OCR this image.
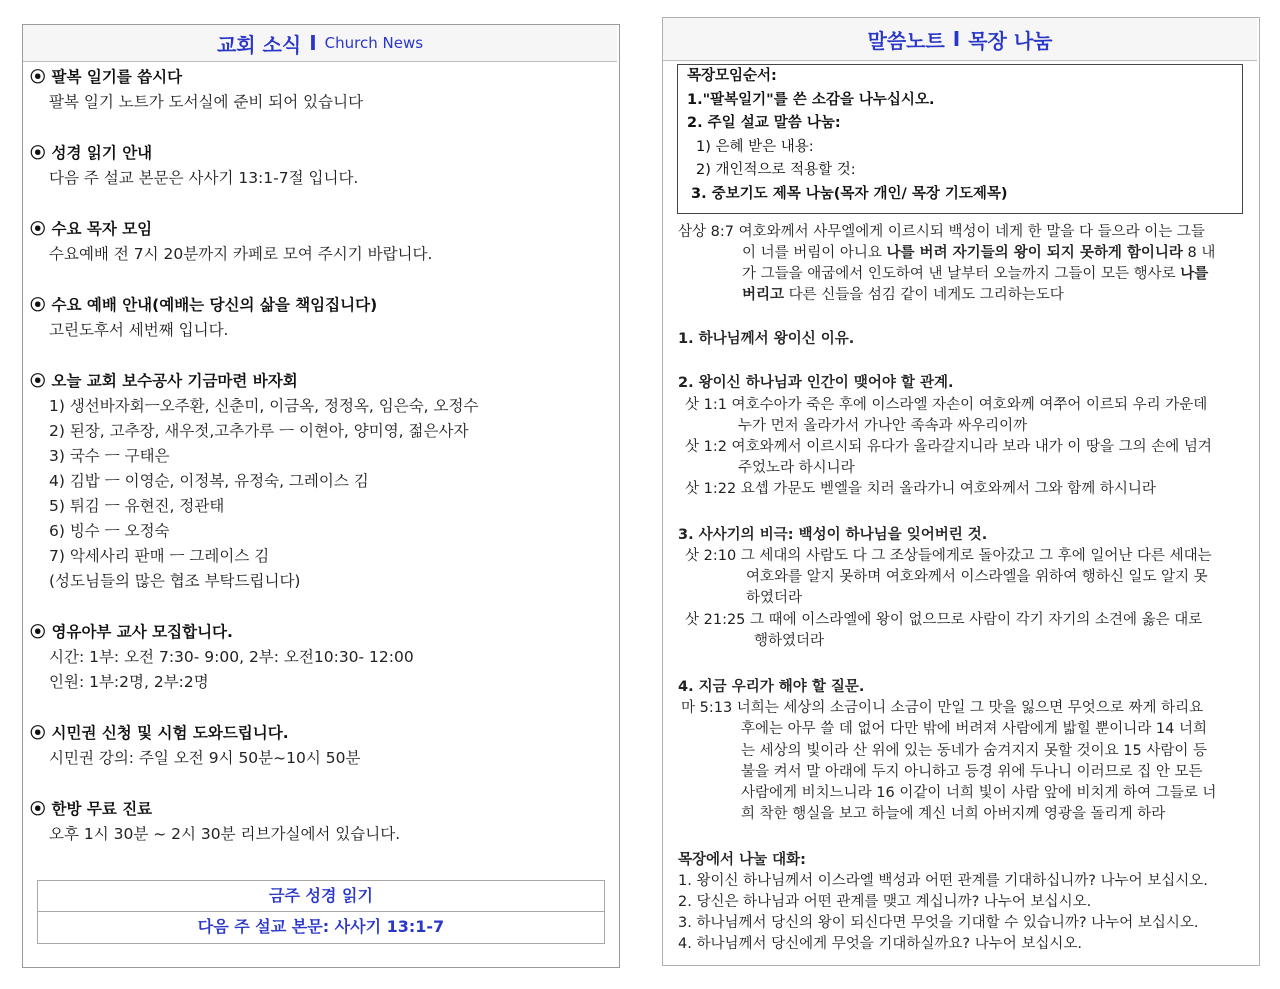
교회 소식 I Church News
⦿ 팔복 일기를 씁시다
팔복 일기 노트가 도서실에 준비 되어 있습니다
⦿ 성경 읽기 안내
다음 주 설교 본문은 사사기 13:1-7절 입니다.
⦿ 수요 목자 모임
수요예배 전 7시 20분까지 카페로 모여 주시기 바랍니다.
⦿ 수요 예배 안내(예배는 당신의 삶을 책임집니다)
고린도후서 세번째 입니다.
⦿ 오늘 교회 보수공사 기금마련 바자회
1) 생선바자회ㅡ오주환, 신춘미, 이금옥, 정정옥, 임은숙, 오정수
2) 된장, 고추장, 새우젓,고추가루 ㅡ 이현아, 양미영, 젊은사자
3) 국수 ㅡ 구태은
4) 김밥 ㅡ 이영순, 이정복, 유정숙, 그레이스 김
5) 튀김 ㅡ 유현진, 정관태
6) 빙수 ㅡ 오정숙
7) 악세사리 판매 ㅡ 그레이스 김
(성도님들의 많은 협조 부탁드립니다)
⦿ 영유아부 교사 모집합니다.
시간: 1부: 오전 7:30- 9:00, 2부: 오전10:30- 12:00
인원: 1부:2명, 2부:2명
⦿ 시민권 신청 및 시험 도와드립니다.
시민권 강의: 주일 오전 9시 50분~10시 50분
⦿ 한방 무료 진료
오후 1시 30분 ~ 2시 30분 리브가실에서 있습니다.
금주 성경 읽기
다음 주 설교 본문: 사사기 13:1-7
말씀노트 I 목장 나눔
목장모임순서:
1."팔복일기"를 쓴 소감을 나누십시오.
2. 주일 설교 말씀 나눔:
1) 은혜 받은 내용:
2) 개인적으로 적용할 것:
3. 중보기도 제목 나눔(목자 개인/ 목장 기도제목)
삼상 8:7 여호와께서 사무엘에게 이르시되 백성이 네게 한 말을 다 들으라 이는 그들
이 너를 버림이 아니요 나를 버려 자기들의 왕이 되지 못하게 함이니라 8 내
가 그들을 애굽에서 인도하여 낸 날부터 오늘까지 그들이 모든 행사로 나를
버리고 다른 신들을 섬김 같이 네게도 그리하는도다
1. 하나님께서 왕이신 이유.
2. 왕이신 하나님과 인간이 맺어야 할 관계.
삿 1:1 여호수아가 죽은 후에 이스라엘 자손이 여호와께 여쭈어 이르되 우리 가운데
누가 먼저 올라가서 가나안 족속과 싸우리이까
삿 1:2 여호와께서 이르시되 유다가 올라갈지니라 보라 내가 이 땅을 그의 손에 넘겨
주었노라 하시니라
삿 1:22 요셉 가문도 벧엘을 치러 올라가니 여호와께서 그와 함께 하시니라
3. 사사기의 비극: 백성이 하나님을 잊어버린 것.
삿 2:10 그 세대의 사람도 다 그 조상들에게로 돌아갔고 그 후에 일어난 다른 세대는
여호와를 알지 못하며 여호와께서 이스라엘을 위하여 행하신 일도 알지 못
하였더라
삿 21:25 그 때에 이스라엘에 왕이 없으므로 사람이 각기 자기의 소견에 옳은 대로
행하였더라
4. 지금 우리가 해야 할 질문.
마 5:13 너희는 세상의 소금이니 소금이 만일 그 맛을 잃으면 무엇으로 짜게 하리요
후에는 아무 쓸 데 없어 다만 밖에 버려져 사람에게 밟힐 뿐이니라 14 너희
는 세상의 빛이라 산 위에 있는 동네가 숨겨지지 못할 것이요 15 사람이 등
불을 켜서 말 아래에 두지 아니하고 등경 위에 두나니 이러므로 집 안 모든
사람에게 비치느니라 16 이같이 너희 빛이 사람 앞에 비치게 하여 그들로 너
희 착한 행실을 보고 하늘에 계신 너희 아버지께 영광을 돌리게 하라
목장에서 나눌 대화:
1. 왕이신 하나님께서 이스라엘 백성과 어떤 관계를 기대하십니까? 나누어 보십시오.
2. 당신은 하나님과 어떤 관계를 맺고 계십니까? 나누어 보십시오.
3. 하나님께서 당신의 왕이 되신다면 무엇을 기대할 수 있습니까? 나누어 보십시오.
4. 하나님께서 당신에게 무엇을 기대하실까요? 나누어 보십시오.
